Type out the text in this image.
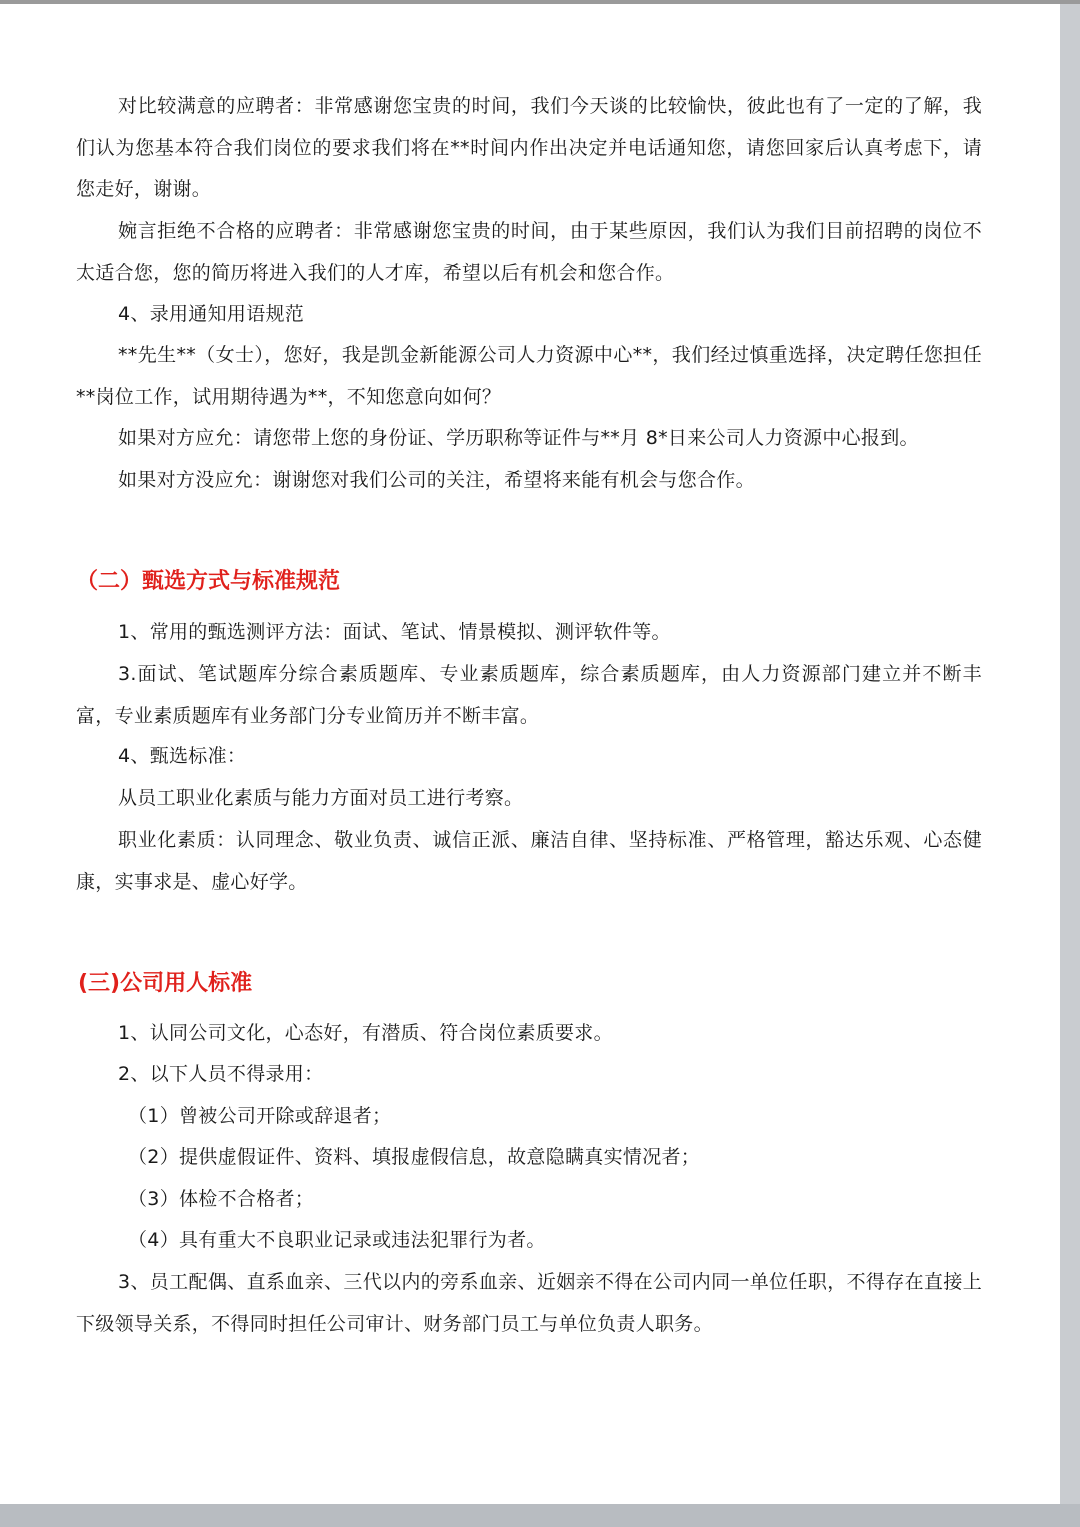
对比较满意的应聘者：非常感谢您宝贵的时间，我们今天谈的比较愉快，彼此也有了一定的了解，我们认为您基本符合我们岗位的要求我们将在**时间内作出决定并电话通知您，请您回家后认真考虑下，请您走好，谢谢。

婉言拒绝不合格的应聘者：非常感谢您宝贵的时间，由于某些原因，我们认为我们目前招聘的岗位不太适合您，您的简历将进入我们的人才库，希望以后有机会和您合作。

4、录用通知用语规范

**先生**（女士），您好，我是凯金新能源公司人力资源中心**，我们经过慎重选择，决定聘任您担任**岗位工作，试用期待遇为**，不知您意向如何？

如果对方应允：请您带上您的身份证、学历职称等证件与**月 8*日来公司人力资源中心报到。

如果对方没应允：谢谢您对我们公司的关注，希望将来能有机会与您合作。

（二）甄选方式与标准规范

1、常用的甄选测评方法：面试、笔试、情景模拟、测评软件等。

3.面试、笔试题库分综合素质题库、专业素质题库，综合素质题库，由人力资源部门建立并不断丰富，专业素质题库有业务部门分专业简历并不断丰富。

4、甄选标准：

从员工职业化素质与能力方面对员工进行考察。

职业化素质：认同理念、敬业负责、诚信正派、廉洁自律、坚持标准、严格管理，豁达乐观、心态健康，实事求是、虚心好学。

(三)公司用人标准

1、认同公司文化，心态好，有潜质、符合岗位素质要求。

2、以下人员不得录用：

（1）曾被公司开除或辞退者；

（2）提供虚假证件、资料、填报虚假信息，故意隐瞒真实情况者；

（3）体检不合格者；

（4）具有重大不良职业记录或违法犯罪行为者。

3、员工配偶、直系血亲、三代以内的旁系血亲、近姻亲不得在公司内同一单位任职，不得存在直接上下级领导关系，不得同时担任公司审计、财务部门员工与单位负责人职务。
